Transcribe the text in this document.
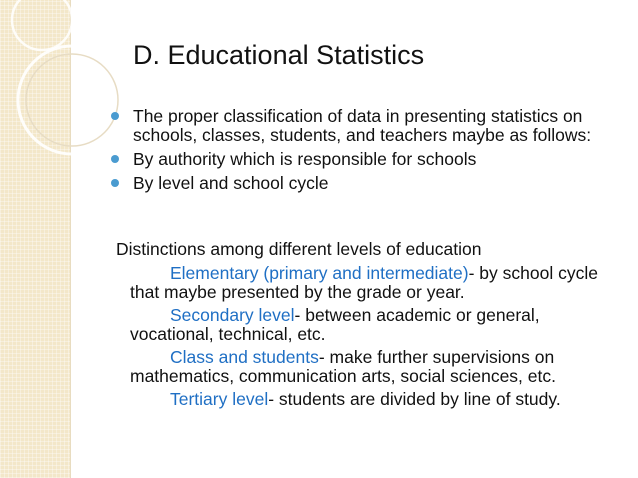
D. Educational Statistics
The proper classification of data in presenting statistics on schools, classes, students, and teachers maybe as follows:
By authority which is responsible for schools
By level and school cycle
Distinctions among different levels of education
Elementary (primary and intermediate)- by school cycle that maybe presented by the grade or year.
Secondary level- between academic or general, vocational, technical, etc.
Class and students- make further supervisions on mathematics, communication arts, social sciences, etc.
Tertiary level- students are divided by line of study.
